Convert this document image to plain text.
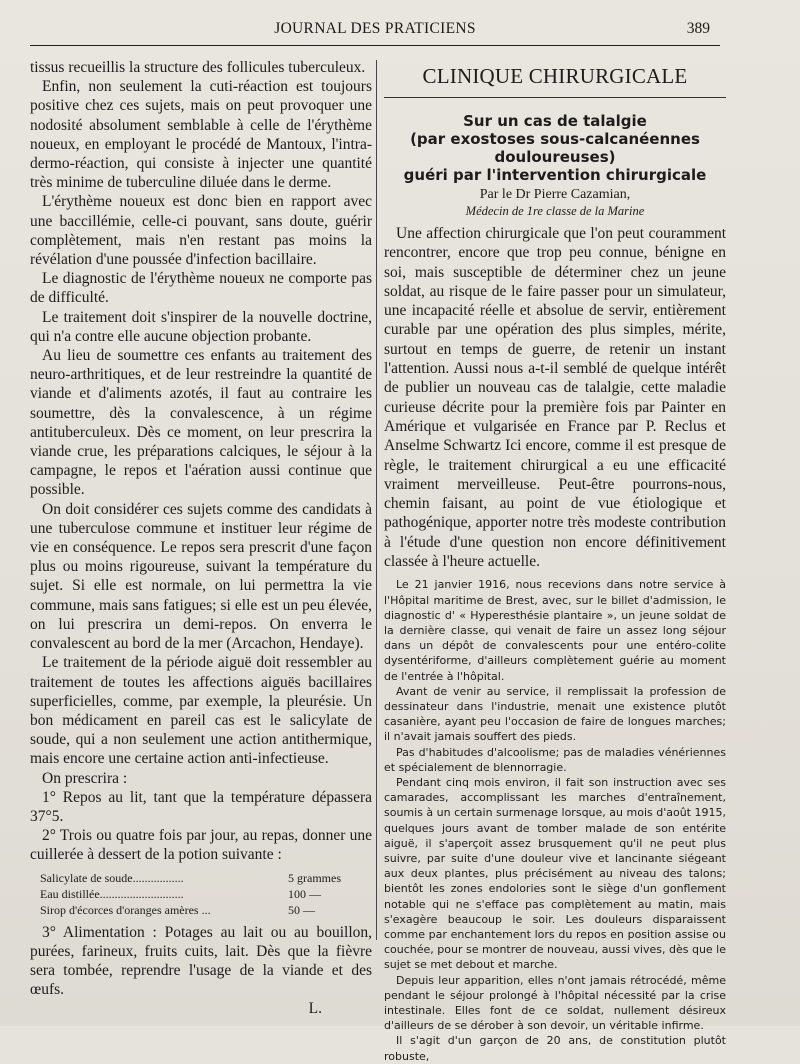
JOURNAL DES PRATICIENS	389

tissus recueillis la structure des follicules tuberculeux.

Enfin, non seulement la cuti-réaction est toujours positive chez ces sujets, mais on peut provoquer une nodosité absolument semblable à celle de l'érythème noueux, en employant le procédé de Mantoux, l'intra-dermo-réaction, qui consiste à injecter une quantité très minime de tuberculine diluée dans le derme.

L'érythème noueux est donc bien en rapport avec une baccillémie, celle-ci pouvant, sans doute, guérir complètement, mais n'en restant pas moins la révélation d'une poussée d'infection bacillaire.

Le diagnostic de l'érythème noueux ne comporte pas de difficulté.

Le traitement doit s'inspirer de la nouvelle doctrine, qui n'a contre elle aucune objection probante.

Au lieu de soumettre ces enfants au traitement des neuro-arthritiques, et de leur restreindre la quantité de viande et d'aliments azotés, il faut au contraire les soumettre, dès la convalescence, à un régime antituberculeux. Dès ce moment, on leur prescrira la viande crue, les préparations calciques, le séjour à la campagne, le repos et l'aération aussi continue que possible.

On doit considérer ces sujets comme des candidats à une tuberculose commune et instituer leur régime de vie en conséquence. Le repos sera prescrit d'une façon plus ou moins rigoureuse, suivant la température du sujet. Si elle est normale, on lui permettra la vie commune, mais sans fatigues; si elle est un peu élevée, on lui prescrira un demi-repos. On enverra le convalescent au bord de la mer (Arcachon, Hendaye).

Le traitement de la période aiguë doit ressembler au traitement de toutes les affections aiguës bacillaires superficielles, comme, par exemple, la pleurésie. Un bon médicament en pareil cas est le salicylate de soude, qui a non seulement une action antithermique, mais encore une certaine action anti-infectieuse.

On prescrira :

1° Repos au lit, tant que la température dépassera 37°5.

2° Trois ou quatre fois par jour, au repas, donner une cuillerée à dessert de la potion suivante :

Salicylate de soude.................	5 grammes
Eau distillée............................	100 —
Sirop d'écorces d'oranges amères ...	50 —

3° Alimentation : Potages au lait ou au bouillon, purées, farineux, fruits cuits, lait. Dès que la fièvre sera tombée, reprendre l'usage de la viande et des œufs.

L.
CLINIQUE CHIRURGICALE
Sur un cas de talalgie
(par exostoses sous-calcanéennes douloureuses)
guéri par l'intervention chirurgicale
Par le Dr Pierre Cazamian,
Médecin de 1re classe de la Marine

Une affection chirurgicale que l'on peut couramment rencontrer, encore que trop peu connue, bénigne en soi, mais susceptible de déterminer chez un jeune soldat, au risque de le faire passer pour un simulateur, une incapacité réelle et absolue de servir, entièrement curable par une opération des plus simples, mérite, surtout en temps de guerre, de retenir un instant l'attention. Aussi nous a-t-il semblé de quelque intérêt de publier un nouveau cas de talalgie, cette maladie curieuse décrite pour la première fois par Painter en Amérique et vulgarisée en France par P. Reclus et Anselme Schwartz Ici encore, comme il est presque de règle, le traitement chirurgical a eu une efficacité vraiment merveilleuse. Peut-être pourrons-nous, chemin faisant, au point de vue étiologique et pathogénique, apporter notre très modeste contribution à l'étude d'une question non encore définitivement classée à l'heure actuelle.

Le 21 janvier 1916, nous recevions dans notre service à l'Hôpital maritime de Brest, avec, sur le billet d'admission, le diagnostic d' « Hyperesthésie plantaire », un jeune soldat de la dernière classe, qui venait de faire un assez long séjour dans un dépôt de convalescents pour une entéro-colite dysentériforme, d'ailleurs complètement guérie au moment de l'entrée à l'hôpital.

Avant de venir au service, il remplissait la profession de dessinateur dans l'industrie, menait une existence plutôt casanière, ayant peu l'occasion de faire de longues marches; il n'avait jamais souffert des pieds.

Pas d'habitudes d'alcoolisme; pas de maladies vénériennes et spécialement de blennorragie.

Pendant cinq mois environ, il fait son instruction avec ses camarades, accomplissant les marches d'entraînement, soumis à un certain surmenage lorsque, au mois d'août 1915, quelques jours avant de tomber malade de son entérite aiguë, il s'aperçoit assez brusquement qu'il ne peut plus suivre, par suite d'une douleur vive et lancinante siégeant aux deux plantes, plus précisément au niveau des talons; bientôt les zones endolories sont le siège d'un gonflement notable qui ne s'efface pas complètement au matin, mais s'exagère beaucoup le soir. Les douleurs disparaissent comme par enchantement lors du repos en position assise ou couchée, pour se montrer de nouveau, aussi vives, dès que le sujet se met debout et marche.

Depuis leur apparition, elles n'ont jamais rétrocédé, même pendant le séjour prolongé à l'hôpital nécessité par la crise intestinale. Elles font de ce soldat, nullement désireux d'ailleurs de se dérober à son devoir, un véritable infirme.

Il s'agit d'un garçon de 20 ans, de constitution plutôt robuste,
